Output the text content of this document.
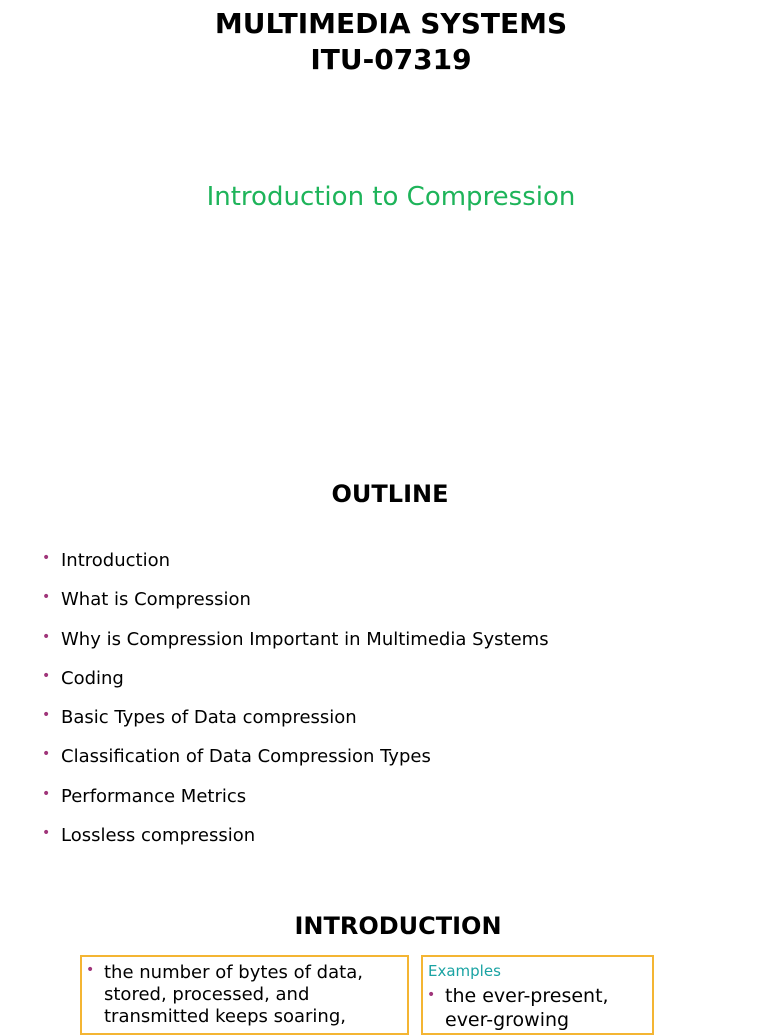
MULTIMEDIA SYSTEMS
ITU-07319
Introduction to Compression
OUTLINE
• Introduction
• What is Compression
• Why is Compression Important in Multimedia Systems
• Coding
• Basic Types of Data compression
• Classification of Data Compression Types
• Performance Metrics
• Lossless compression
INTRODUCTION
• the number of bytes of data,
stored, processed, and
transmitted keeps soaring,
Examples
• the ever-present,
ever-growing
